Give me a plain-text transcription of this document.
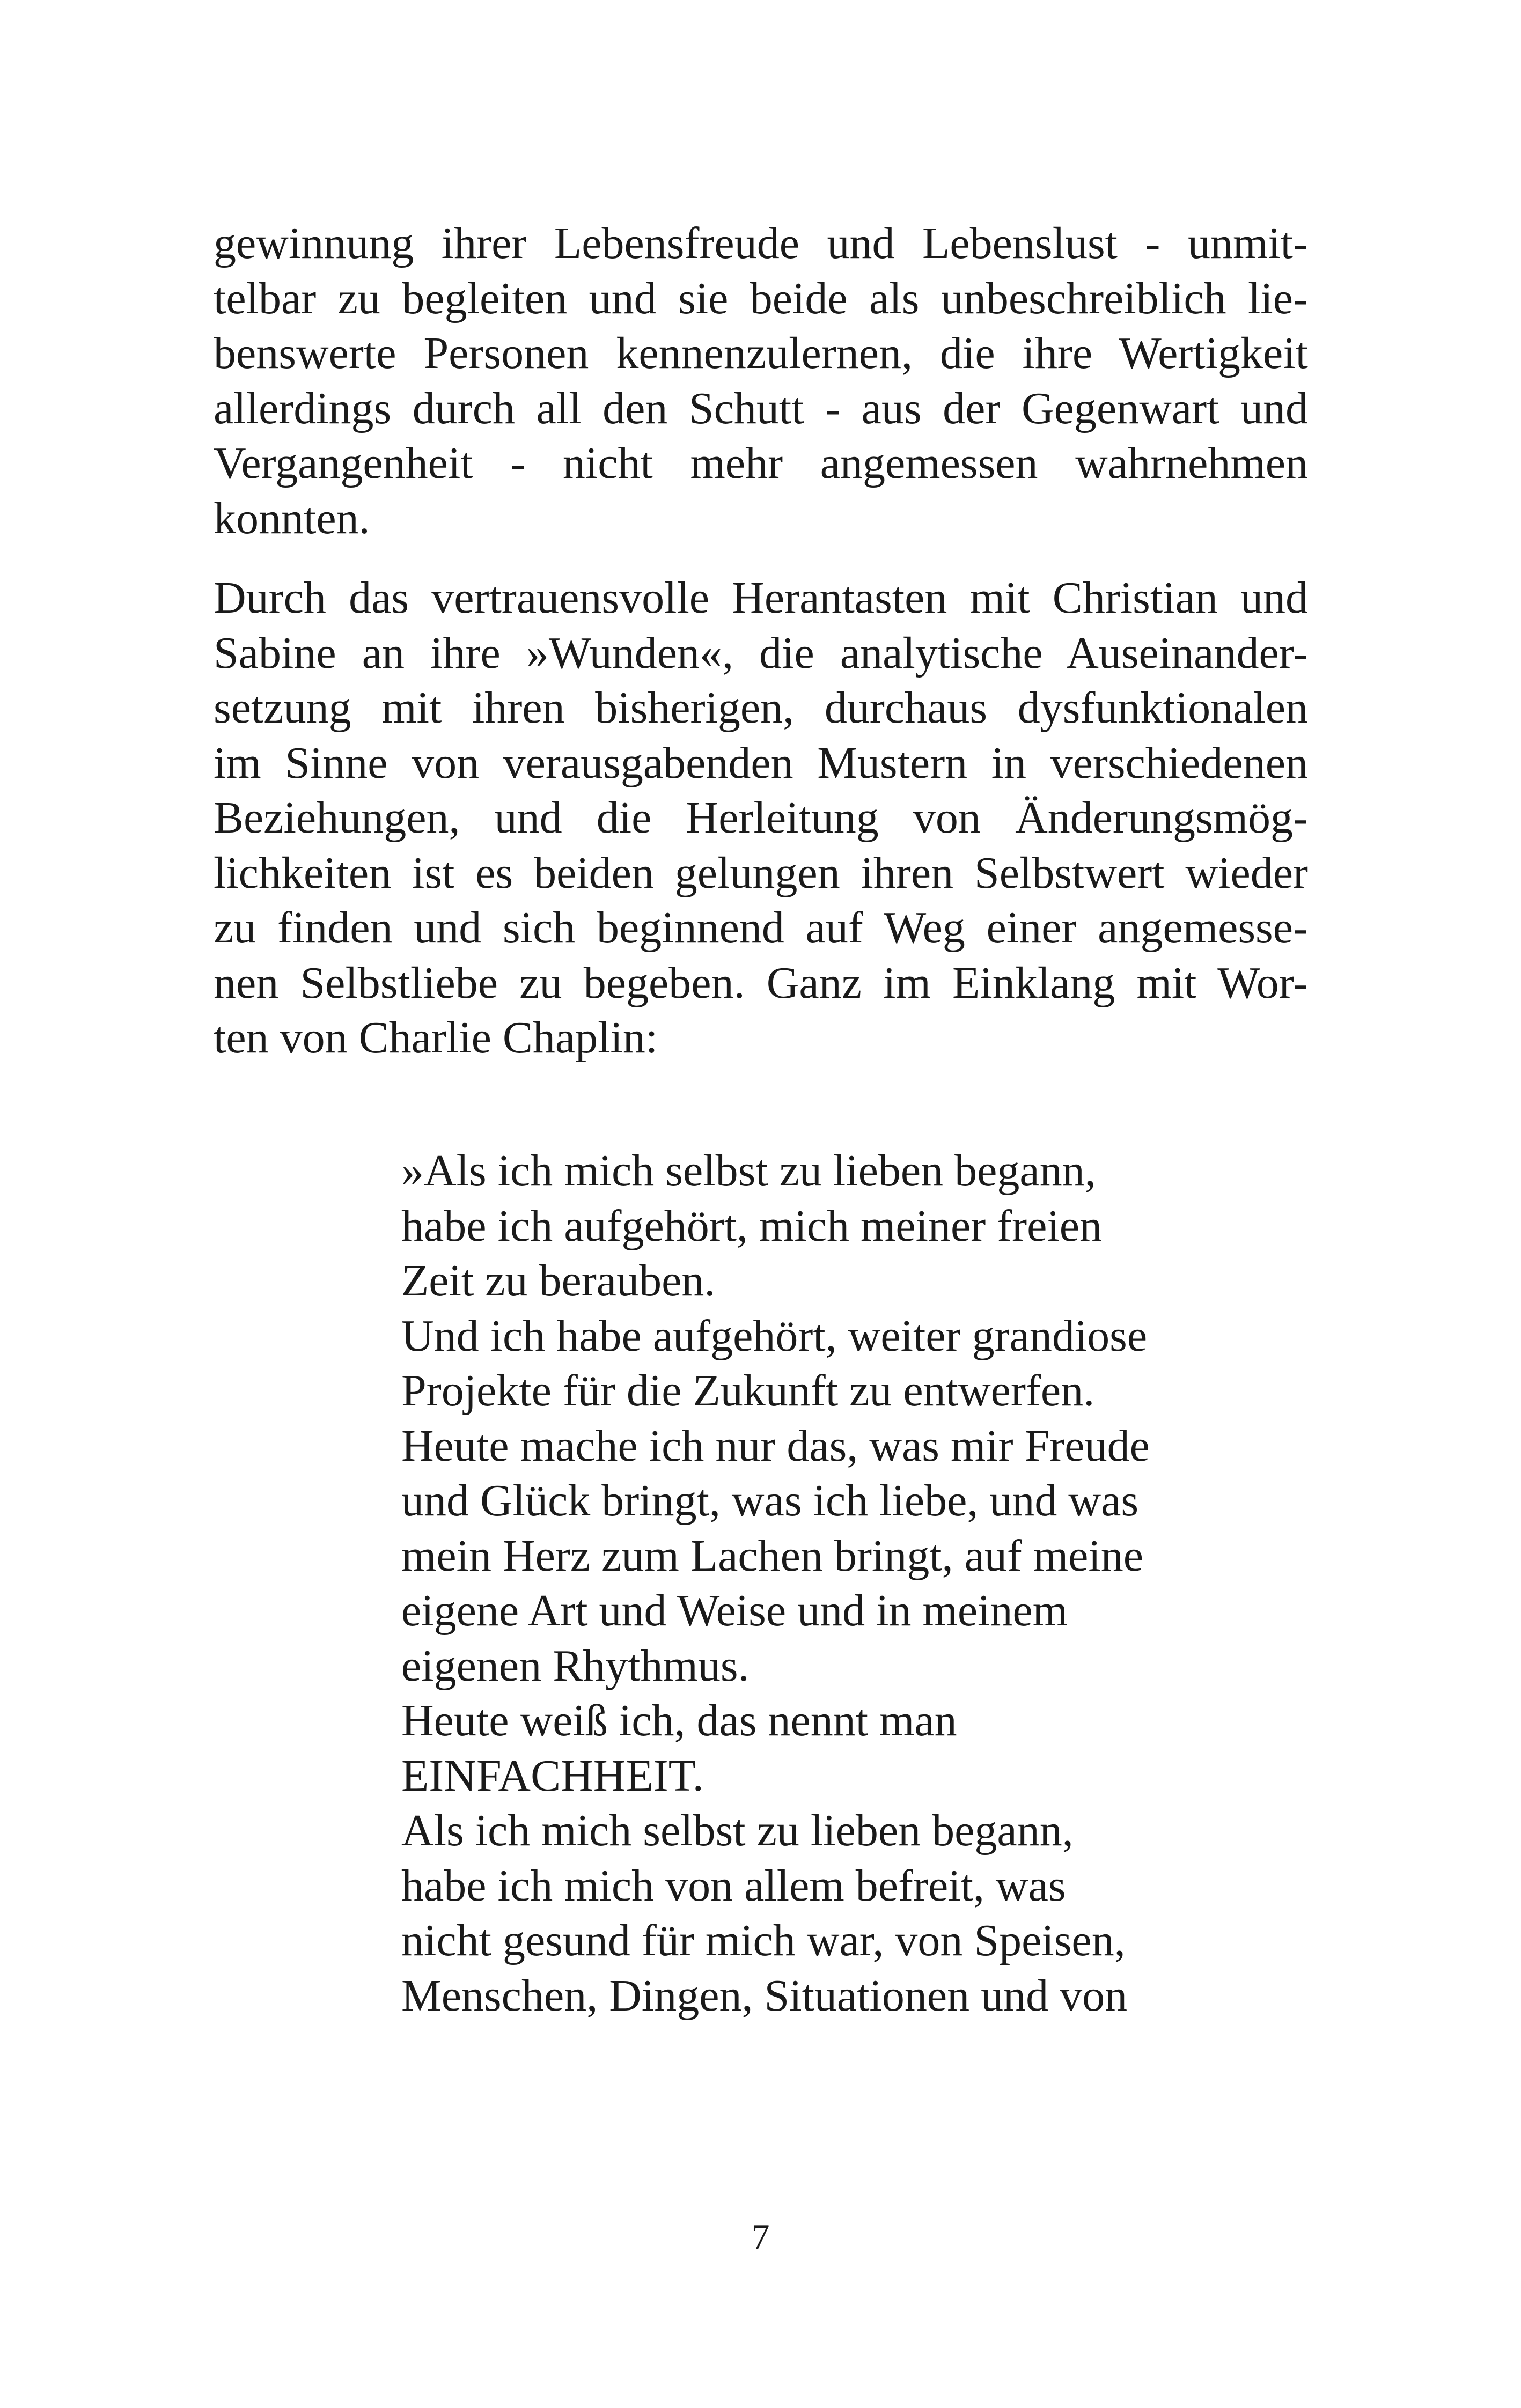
gewinnung ihrer Lebensfreude und Lebenslust - unmit-
telbar zu begleiten und sie beide als unbeschreiblich lie-
benswerte Personen kennenzulernen, die ihre Wertigkeit
allerdings durch all den Schutt - aus der Gegenwart und
Vergangenheit - nicht mehr angemessen wahrnehmen
konnten.
Durch das vertrauensvolle Herantasten mit Christian und
Sabine an ihre »Wunden«, die analytische Auseinander-
setzung mit ihren bisherigen, durchaus dysfunktionalen
im Sinne von verausgabenden Mustern in verschiedenen
Beziehungen, und die Herleitung von Änderungsmög-
lichkeiten ist es beiden gelungen ihren Selbstwert wieder
zu finden und sich beginnend auf Weg einer angemesse-
nen Selbstliebe zu begeben. Ganz im Einklang mit Wor-
ten von Charlie Chaplin:
»Als ich mich selbst zu lieben begann,
habe ich aufgehört, mich meiner freien
Zeit zu berauben.
Und ich habe aufgehört, weiter grandiose
Projekte für die Zukunft zu entwerfen.
Heute mache ich nur das, was mir Freude
und Glück bringt, was ich liebe, und was
mein Herz zum Lachen bringt, auf meine
eigene Art und Weise und in meinem
eigenen Rhythmus.
Heute weiß ich, das nennt man
EINFACHHEIT.
Als ich mich selbst zu lieben begann,
habe ich mich von allem befreit, was
nicht gesund für mich war, von Speisen,
Menschen, Dingen, Situationen und von
7
